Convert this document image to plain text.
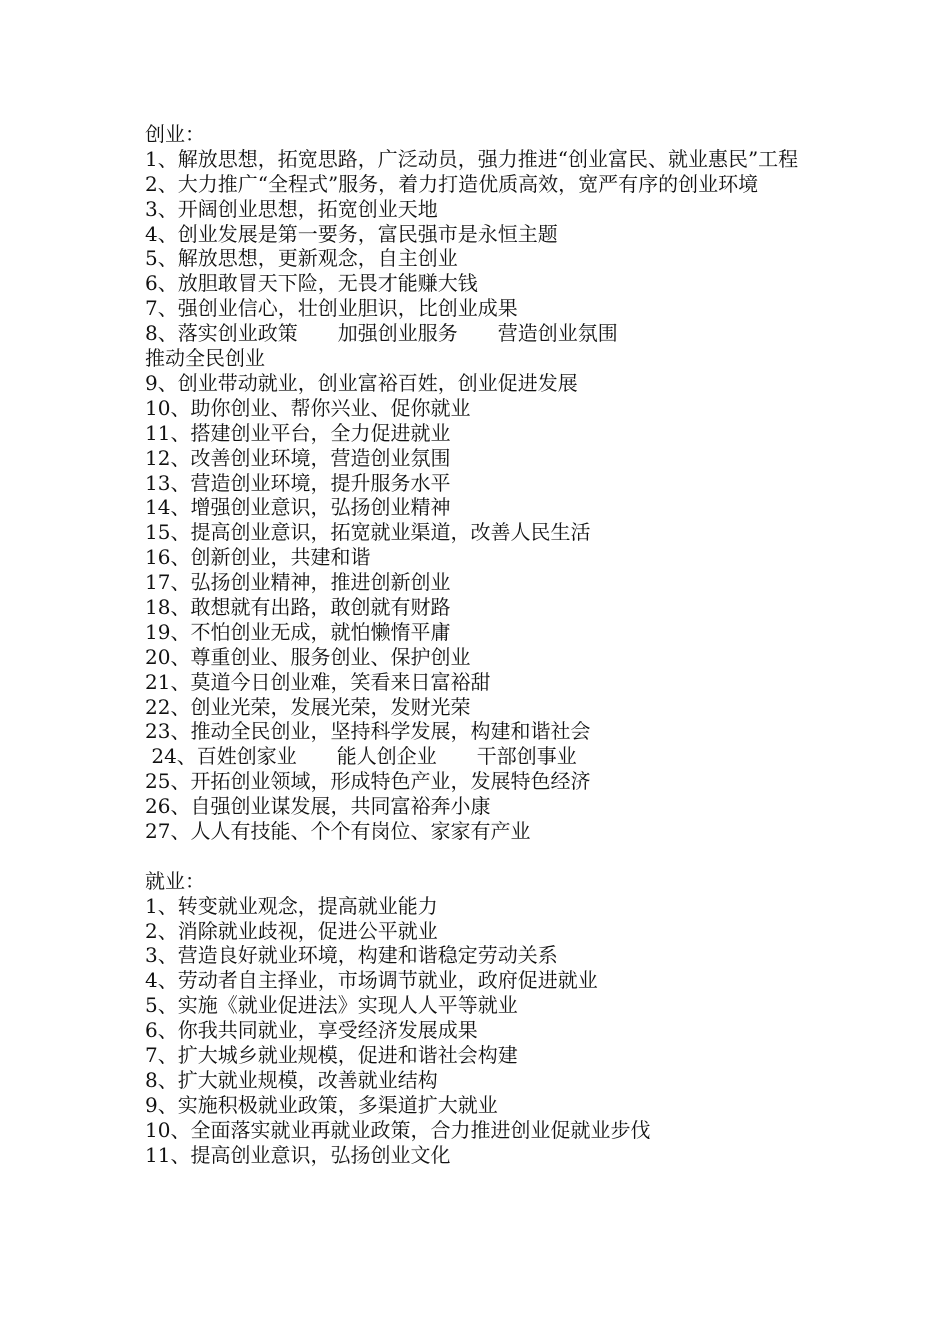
创业：
1、解放思想，拓宽思路，广泛动员，强力推进“创业富民、就业惠民”工程
2、大力推广“全程式”服务，着力打造优质高效，宽严有序的创业环境
3、开阔创业思想，拓宽创业天地
4、创业发展是第一要务，富民强市是永恒主题
5、解放思想，更新观念，自主创业
6、放胆敢冒天下险，无畏才能赚大钱
7、强创业信心，壮创业胆识，比创业成果
8、落实创业政策　　加强创业服务　　营造创业氛围
推动全民创业
9、创业带动就业，创业富裕百姓，创业促进发展
10、助你创业、帮你兴业、促你就业
11、搭建创业平台，全力促进就业
12、改善创业环境，营造创业氛围
13、营造创业环境，提升服务水平
14、增强创业意识，弘扬创业精神
15、提高创业意识，拓宽就业渠道，改善人民生活
16、创新创业，共建和谐
17、弘扬创业精神，推进创新创业
18、敢想就有出路，敢创就有财路
19、不怕创业无成，就怕懒惰平庸
20、尊重创业、服务创业、保护创业
21、莫道今日创业难，笑看来日富裕甜
22、创业光荣，发展光荣，发财光荣
23、推动全民创业，坚持科学发展，构建和谐社会
24、百姓创家业　　能人创企业　　干部创事业
25、开拓创业领域，形成特色产业，发展特色经济
26、自强创业谋发展，共同富裕奔小康
27、人人有技能、个个有岗位、家家有产业
就业：
1、转变就业观念，提高就业能力
2、消除就业歧视，促进公平就业
3、营造良好就业环境，构建和谐稳定劳动关系
4、劳动者自主择业，市场调节就业，政府促进就业
5、实施《就业促进法》实现人人平等就业
6、你我共同就业，享受经济发展成果
7、扩大城乡就业规模，促进和谐社会构建
8、扩大就业规模，改善就业结构
9、实施积极就业政策，多渠道扩大就业
10、全面落实就业再就业政策，合力推进创业促就业步伐
11、提高创业意识，弘扬创业文化
